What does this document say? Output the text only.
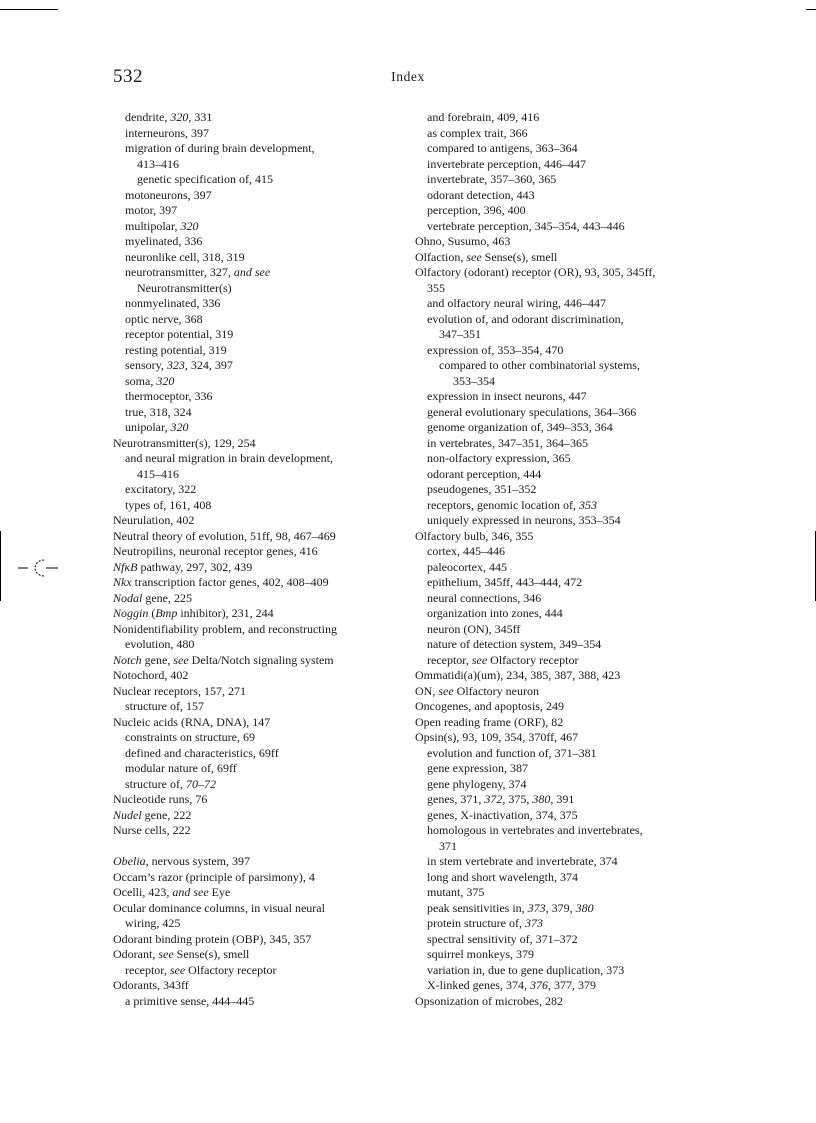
532	Index
dendrite, 320, 331
interneurons, 397
migration of during brain development,
413–416
genetic specification of, 415
motoneurons, 397
motor, 397
multipolar, 320
myelinated, 336
neuronlike cell, 318, 319
neurotransmitter, 327, and see
Neurotransmitter(s)
nonmyelinated, 336
optic nerve, 368
receptor potential, 319
resting potential, 319
sensory, 323, 324, 397
soma, 320
thermoceptor, 336
true, 318, 324
unipolar, 320
Neurotransmitter(s), 129, 254
and neural migration in brain development,
415–416
excitatory, 322
types of, 161, 408
Neurulation, 402
Neutral theory of evolution, 51ff, 98, 467–469
Neutropilins, neuronal receptor genes, 416
NfκB pathway, 297, 302, 439
Nkx transcription factor genes, 402, 408–409
Nodal gene, 225
Noggin (Bmp inhibitor), 231, 244
Nonidentifiability problem, and reconstructing
evolution, 480
Notch gene, see Delta/Notch signaling system
Notochord, 402
Nuclear receptors, 157, 271
structure of, 157
Nucleic acids (RNA, DNA), 147
constraints on structure, 69
defined and characteristics, 69ff
modular nature of, 69ff
structure of, 70–72
Nucleotide runs, 76
Nudel gene, 222
Nurse cells, 222
Obelia, nervous system, 397
Occam’s razor (principle of parsimony), 4
Ocelli, 423, and see Eye
Ocular dominance columns, in visual neural
wiring, 425
Odorant binding protein (OBP), 345, 357
Odorant, see Sense(s), smell
receptor, see Olfactory receptor
Odorants, 343ff
a primitive sense, 444–445
and forebrain, 409, 416
as complex trait, 366
compared to antigens, 363–364
invertebrate perception, 446–447
invertebrate, 357–360, 365
odorant detection, 443
perception, 396, 400
vertebrate perception, 345–354, 443–446
Ohno, Susumo, 463
Olfaction, see Sense(s), smell
Olfactory (odorant) receptor (OR), 93, 305, 345ff,
355
and olfactory neural wiring, 446–447
evolution of, and odorant discrimination,
347–351
expression of, 353–354, 470
compared to other combinatorial systems,
353–354
expression in insect neurons, 447
general evolutionary speculations, 364–366
genome organization of, 349–353, 364
in vertebrates, 347–351, 364–365
non-olfactory expression, 365
odorant perception, 444
pseudogenes, 351–352
receptors, genomic location of, 353
uniquely expressed in neurons, 353–354
Olfactory bulb, 346, 355
cortex, 445–446
paleocortex, 445
epithelium, 345ff, 443–444, 472
neural connections, 346
organization into zones, 444
neuron (ON), 345ff
nature of detection system, 349–354
receptor, see Olfactory receptor
Ommatidi(a)(um), 234, 385, 387, 388, 423
ON, see Olfactory neuron
Oncogenes, and apoptosis, 249
Open reading frame (ORF), 82
Opsin(s), 93, 109, 354, 370ff, 467
evolution and function of, 371–381
gene expression, 387
gene phylogeny, 374
genes, 371, 372, 375, 380, 391
genes, X-inactivation, 374, 375
homologous in vertebrates and invertebrates,
371
in stem vertebrate and invertebrate, 374
long and short wavelength, 374
mutant, 375
peak sensitivities in, 373, 379, 380
protein structure of, 373
spectral sensitivity of, 371–372
squirrel monkeys, 379
variation in, due to gene duplication, 373
X-linked genes, 374, 376, 377, 379
Opsonization of microbes, 282
